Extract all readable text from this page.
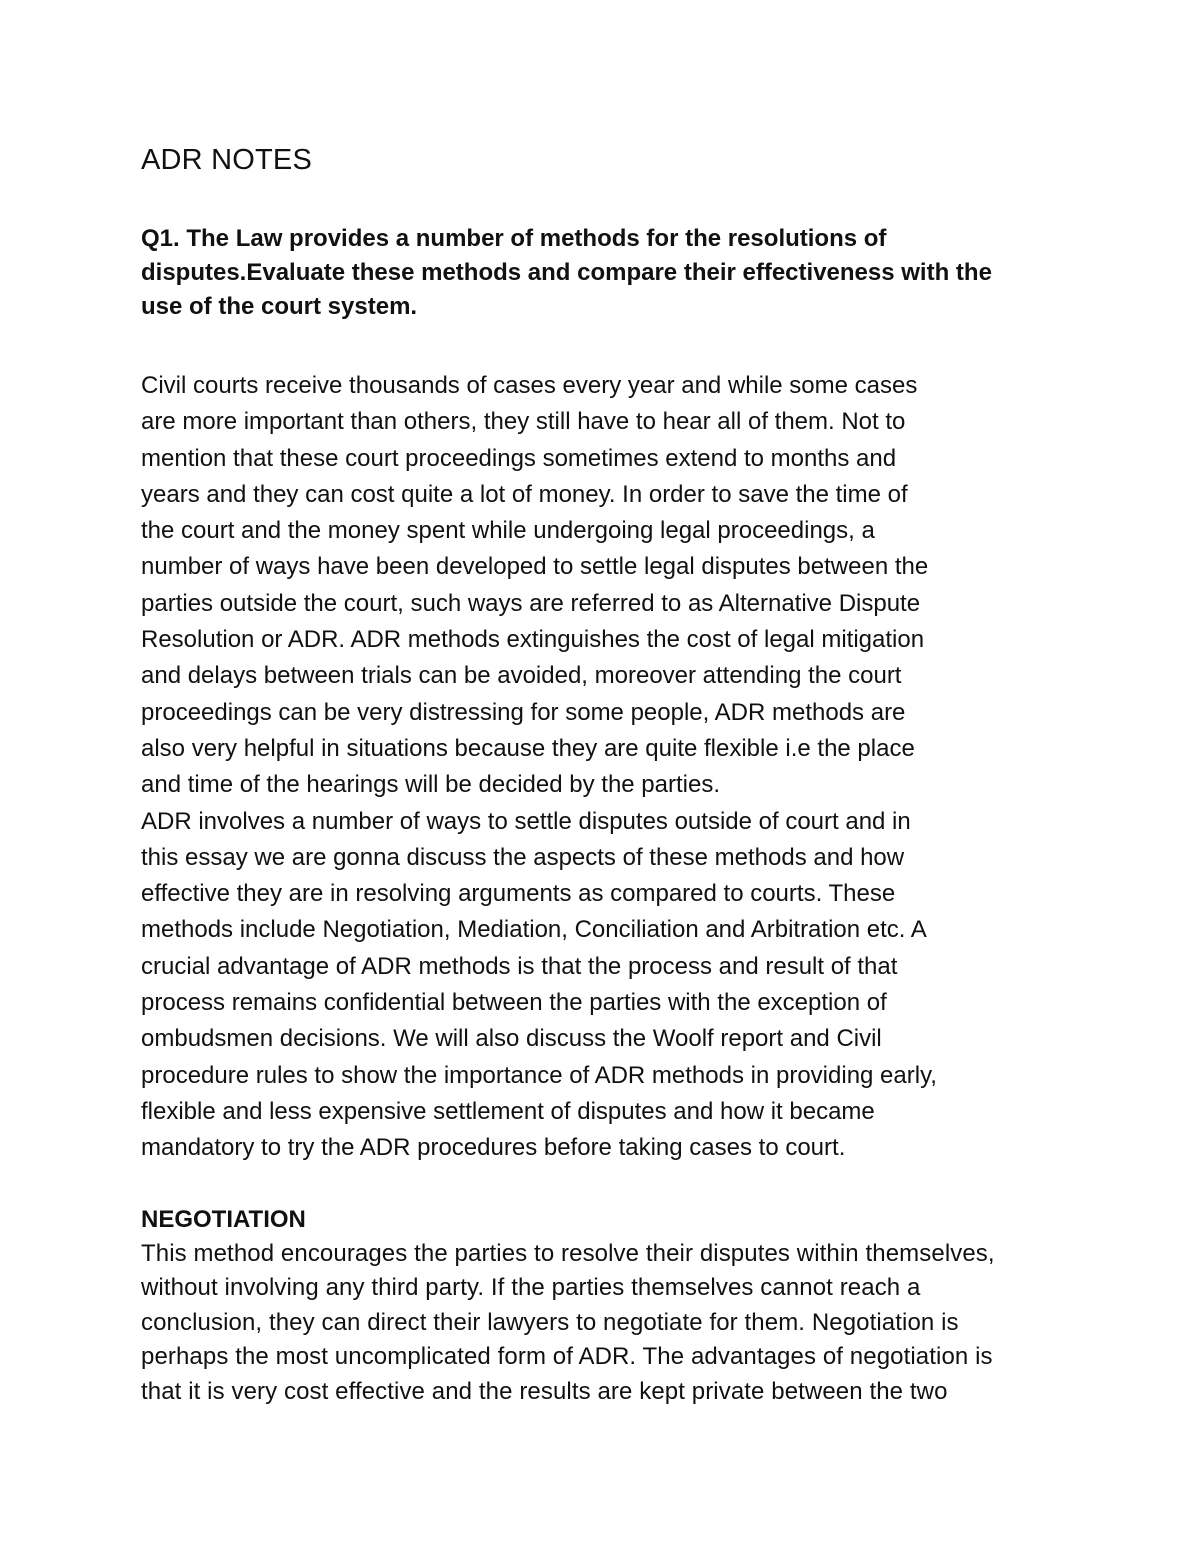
ADR NOTES

Q1. The Law provides a number of methods for the resolutions of
disputes.Evaluate these methods and compare their effectiveness with the
use of the court system.

Civil courts receive thousands of cases every year and while some cases
are more important than others, they still have to hear all of them. Not to
mention that these court proceedings sometimes extend to months and
years and they can cost quite a lot of money. In order to save the time of
the court and the money spent while undergoing legal proceedings, a
number of ways have been developed to settle legal disputes between the
parties outside the court, such ways are referred to as Alternative Dispute
Resolution or ADR. ADR methods extinguishes the cost of legal mitigation
and delays between trials can be avoided, moreover attending the court
proceedings can be very distressing for some people, ADR methods are
also very helpful in situations because they are quite flexible i.e the place
and time of the hearings will be decided by the parties.

ADR involves a number of ways to settle disputes outside of court and in
this essay we are gonna discuss the aspects of these methods and how
effective they are in resolving arguments as compared to courts. These
methods include Negotiation, Mediation, Conciliation and Arbitration etc. A
crucial advantage of ADR methods is that the process and result of that
process remains confidential between the parties with the exception of
ombudsmen decisions. We will also discuss the Woolf report and Civil
procedure rules to show the importance of ADR methods in providing early,
flexible and less expensive settlement of disputes and how it became
mandatory to try the ADR procedures before taking cases to court.

NEGOTIATION

This method encourages the parties to resolve their disputes within themselves,
without involving any third party. If the parties themselves cannot reach a
conclusion, they can direct their lawyers to negotiate for them. Negotiation is
perhaps the most uncomplicated form of ADR. The advantages of negotiation is
that it is very cost effective and the results are kept private between the two
